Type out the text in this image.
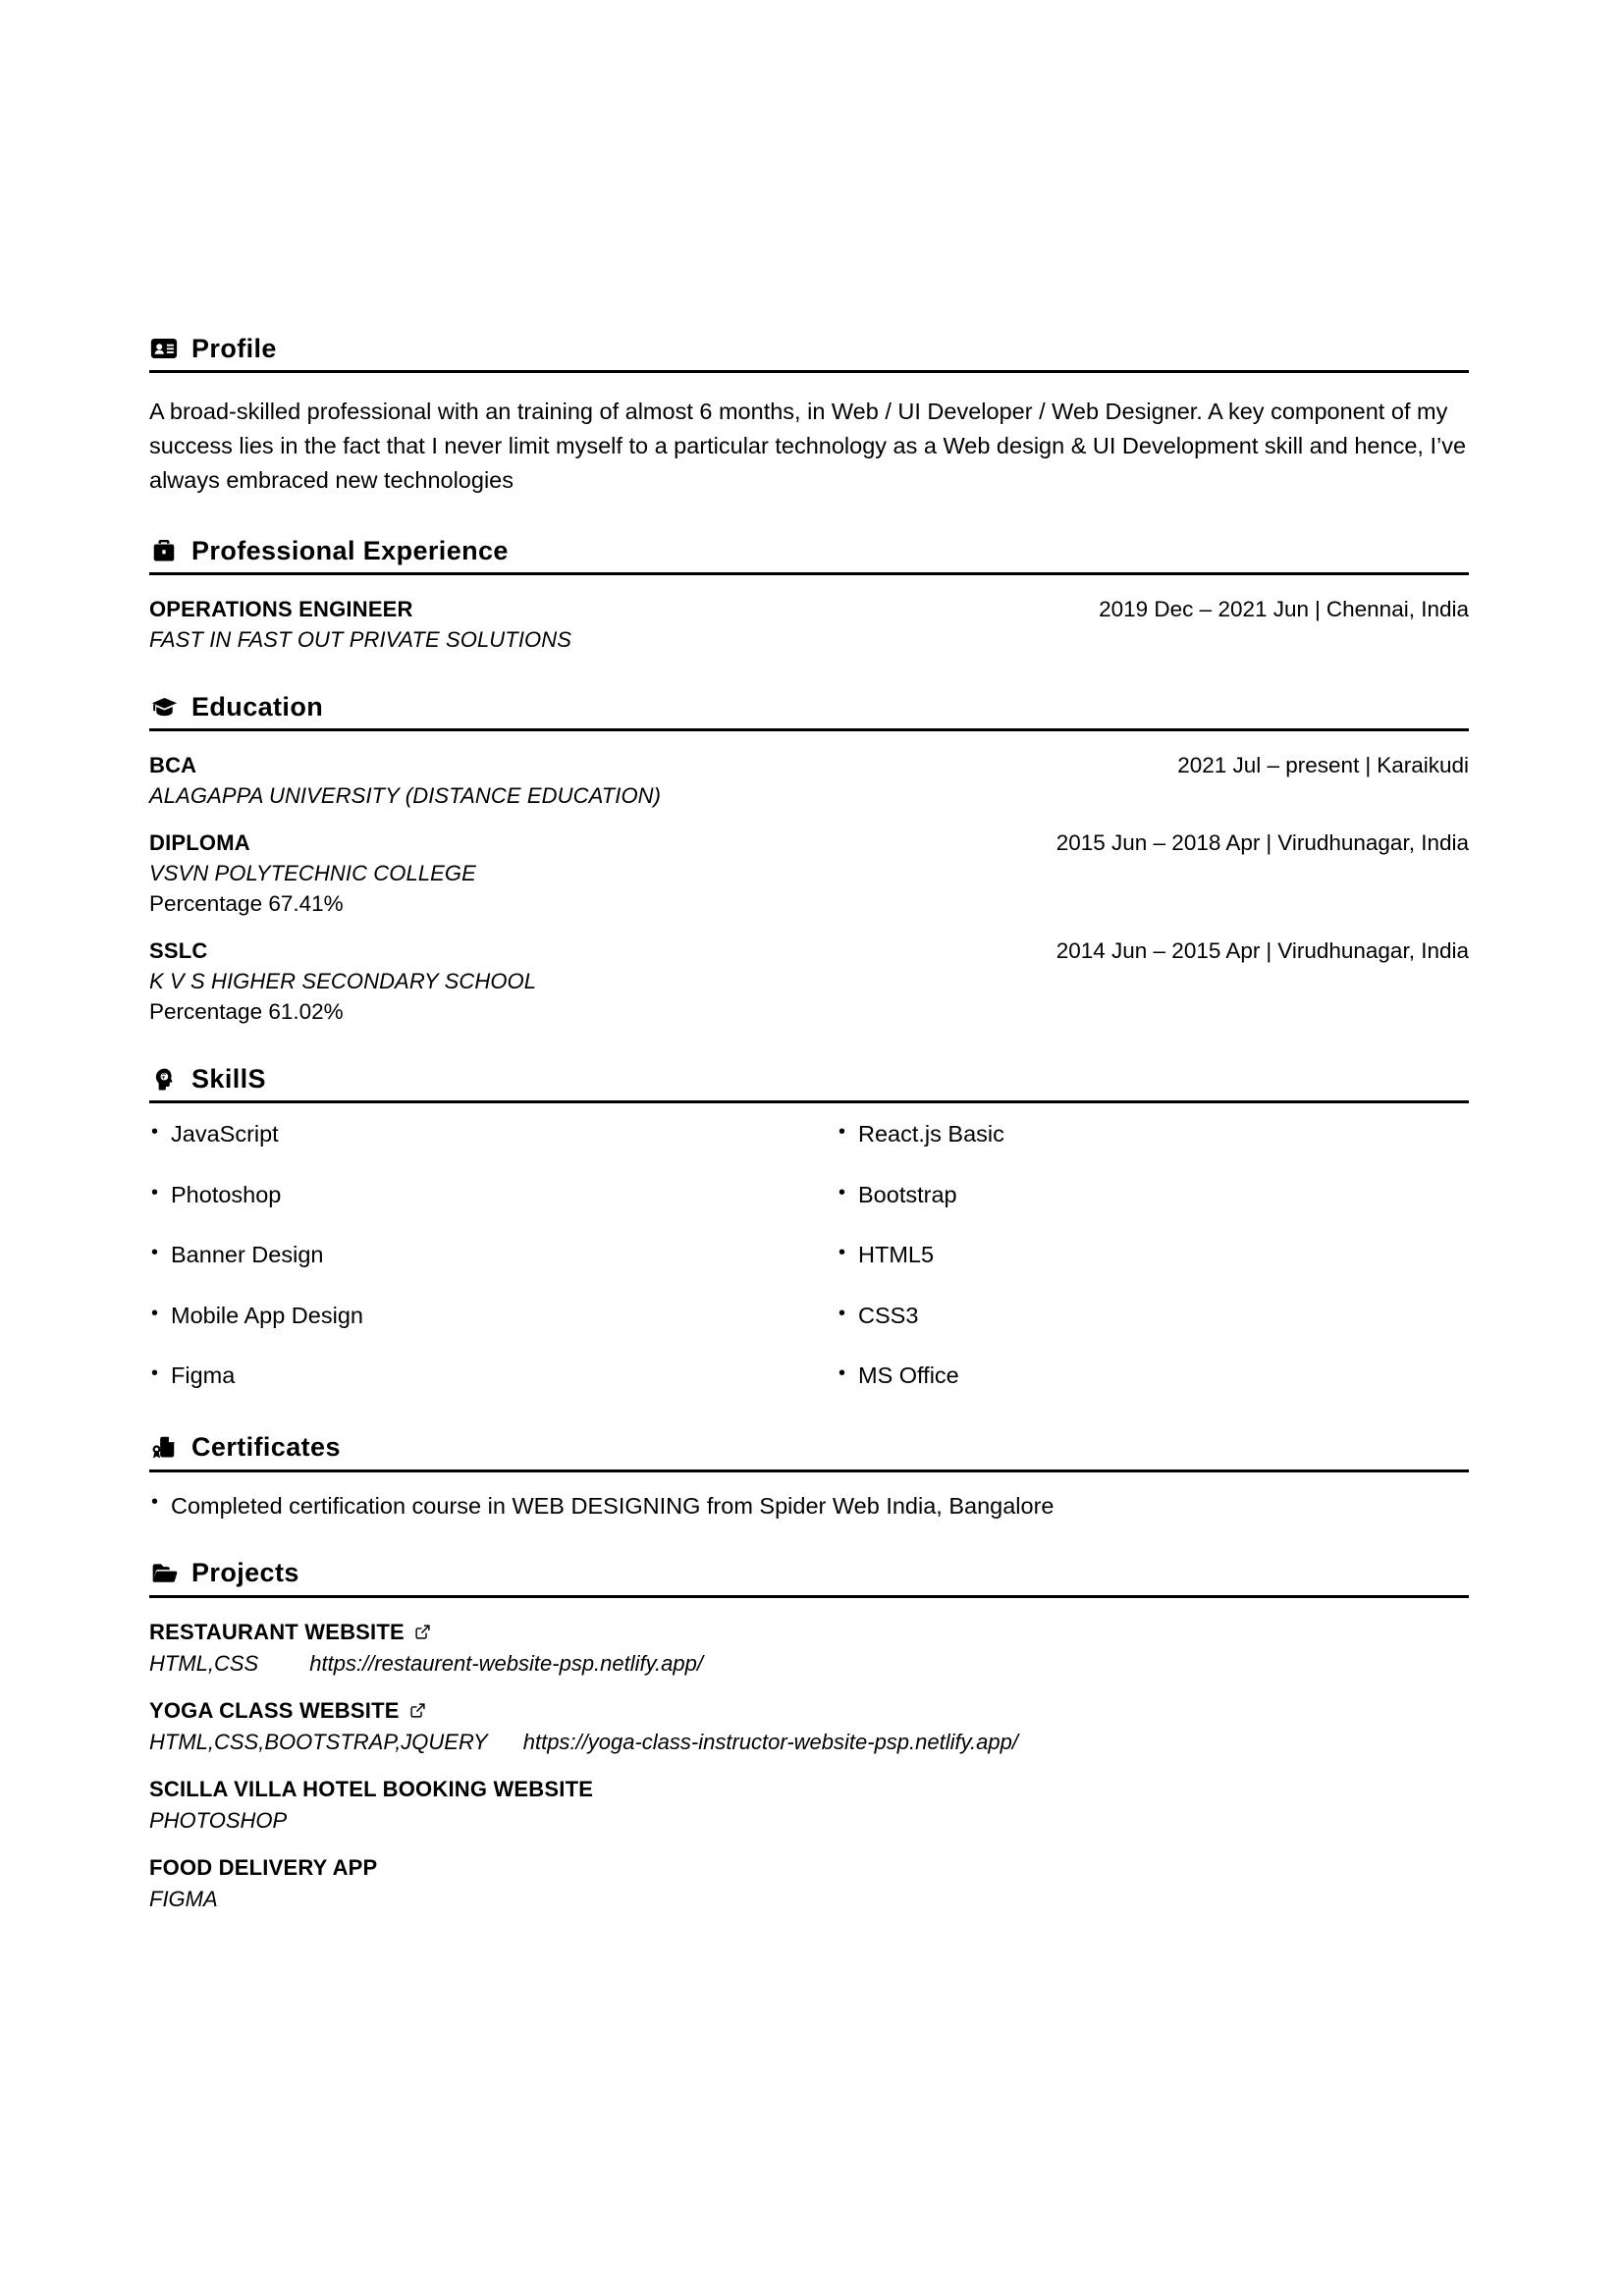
Profile
A broad-skilled professional with an training of almost 6 months, in Web / UI Developer / Web Designer. A key component of my success lies in the fact that I never limit myself to a particular technology as a Web design & UI Development skill and hence, I’ve always embraced new technologies
Professional Experience
OPERATIONS ENGINEER	2019 Dec – 2021 Jun | Chennai, India
FAST IN FAST OUT PRIVATE SOLUTIONS
Education
BCA	2021 Jul – present | Karaikudi
ALAGAPPA UNIVERSITY (DISTANCE EDUCATION)
DIPLOMA	2015 Jun – 2018 Apr | Virudhunagar, India
VSVN POLYTECHNIC COLLEGE
Percentage 67.41%
SSLC	2014 Jun – 2015 Apr | Virudhunagar, India
K V S HIGHER SECONDARY SCHOOL
Percentage 61.02%
SkillS
• JavaScript
• Photoshop
• Banner Design
• Mobile App Design
• Figma
• React.js Basic
• Bootstrap
• HTML5
• CSS3
• MS Office
Certificates
• Completed certification course in WEB DESIGNING from Spider Web India, Bangalore
Projects
RESTAURANT WEBSITE
HTML,CSS https://restaurent-website-psp.netlify.app/
YOGA CLASS WEBSITE
HTML,CSS,BOOTSTRAP,JQUERY https://yoga-class-instructor-website-psp.netlify.app/
SCILLA VILLA HOTEL BOOKING WEBSITE
PHOTOSHOP
FOOD DELIVERY APP
FIGMA
